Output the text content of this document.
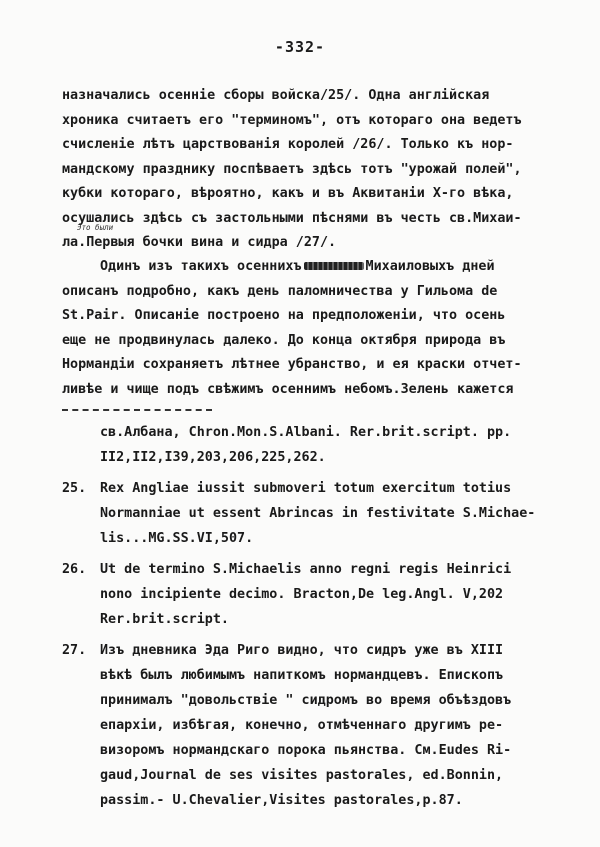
-332-
назначались осеннiе сборы войска/25/. Одна англiйская
хроника считаетъ его "терминомъ", отъ котораго она ведетъ
счисленiе лѣтъ царствованiя королей /26/. Только къ нор-
мандскому празднику поспѣваетъ здѣсь тотъ "урожай полей",
кубки котораго, вѣроятно, какъ и въ Аквитанiи X-го вѣка,
осушались здѣсь съ застольными пѣснями въ честь св.Михаи-
ла.
Это были
Первыя бочки вина и сидра /27/.
Одинъ изъ такихъ осеннихъ	Михаиловыхъ дней
описанъ подробно, какъ день паломничества у Гильома de
St.Pair. Описанiе построено на предположенiи, что осень
еще не продвинулась далеко. До конца октября природа въ
Нормандiи сохраняетъ лѣтнее убранство, и ея краски отчет-
ливѣе и чище подъ свѣжимъ осеннимъ небомъ.Зелень кажется
св.Албана, Chron.Mon.S.Albani. Rer.brit.script. pp.
II2,II2,I39,203,206,225,262.
25.	Rex Angliae iussit submoveri totum exercitum totius
Normanniae ut essent Abrincas in festivitate S.Michae-
lis...MG.SS.VI,507.
26.	Ut de termino S.Michaelis anno regni regis Heinrici
nono incipiente decimo. Bracton,De leg.Angl. V,202
Rer.brit.script.
27.	Изъ дневника Эда Риго видно, что сидръ уже въ XIII
вѣкѣ былъ любимымъ напиткомъ нормандцевъ. Епископъ
принималъ "довольствiе " сидромъ во время объѣздовъ
епархiи, избѣгая, конечно, отмѣченнаго другимъ ре-
визоромъ нормандскаго порока пьянства. См.Eudes Ri-
gaud,Journal de ses visites pastorales, ed.Bonnin,
passim.- U.Chevalier,Visites pastorales,p.87.
